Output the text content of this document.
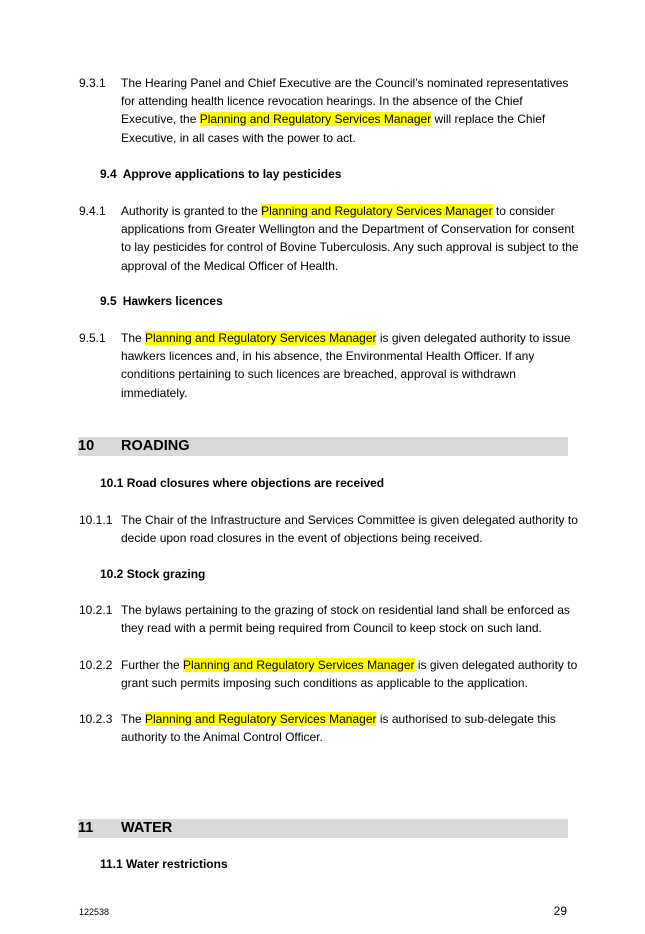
9.3.1	The Hearing Panel and Chief Executive are the Council’s nominated representatives for attending health licence revocation hearings. In the absence of the Chief Executive, the Planning and Regulatory Services Manager will replace the Chief Executive, in all cases with the power to act.
9.4 Approve applications to lay pesticides
9.4.1	Authority is granted to the Planning and Regulatory Services Manager to consider applications from Greater Wellington and the Department of Conservation for consent to lay pesticides for control of Bovine Tuberculosis. Any such approval is subject to the approval of the Medical Officer of Health.
9.5 Hawkers licences
9.5.1	The Planning and Regulatory Services Manager is given delegated authority to issue hawkers licences and, in his absence, the Environmental Health Officer. If any conditions pertaining to such licences are breached, approval is withdrawn immediately.
10 ROADING
10.1 Road closures where objections are received
10.1.1 The Chair of the Infrastructure and Services Committee is given delegated authority to decide upon road closures in the event of objections being received.
10.2 Stock grazing
10.2.1 The bylaws pertaining to the grazing of stock on residential land shall be enforced as they read with a permit being required from Council to keep stock on such land.
10.2.2 Further the Planning and Regulatory Services Manager is given delegated authority to grant such permits imposing such conditions as applicable to the application.
10.2.3 The Planning and Regulatory Services Manager is authorised to sub-delegate this authority to the Animal Control Officer.
11 WATER
11.1 Water restrictions
122538	29
